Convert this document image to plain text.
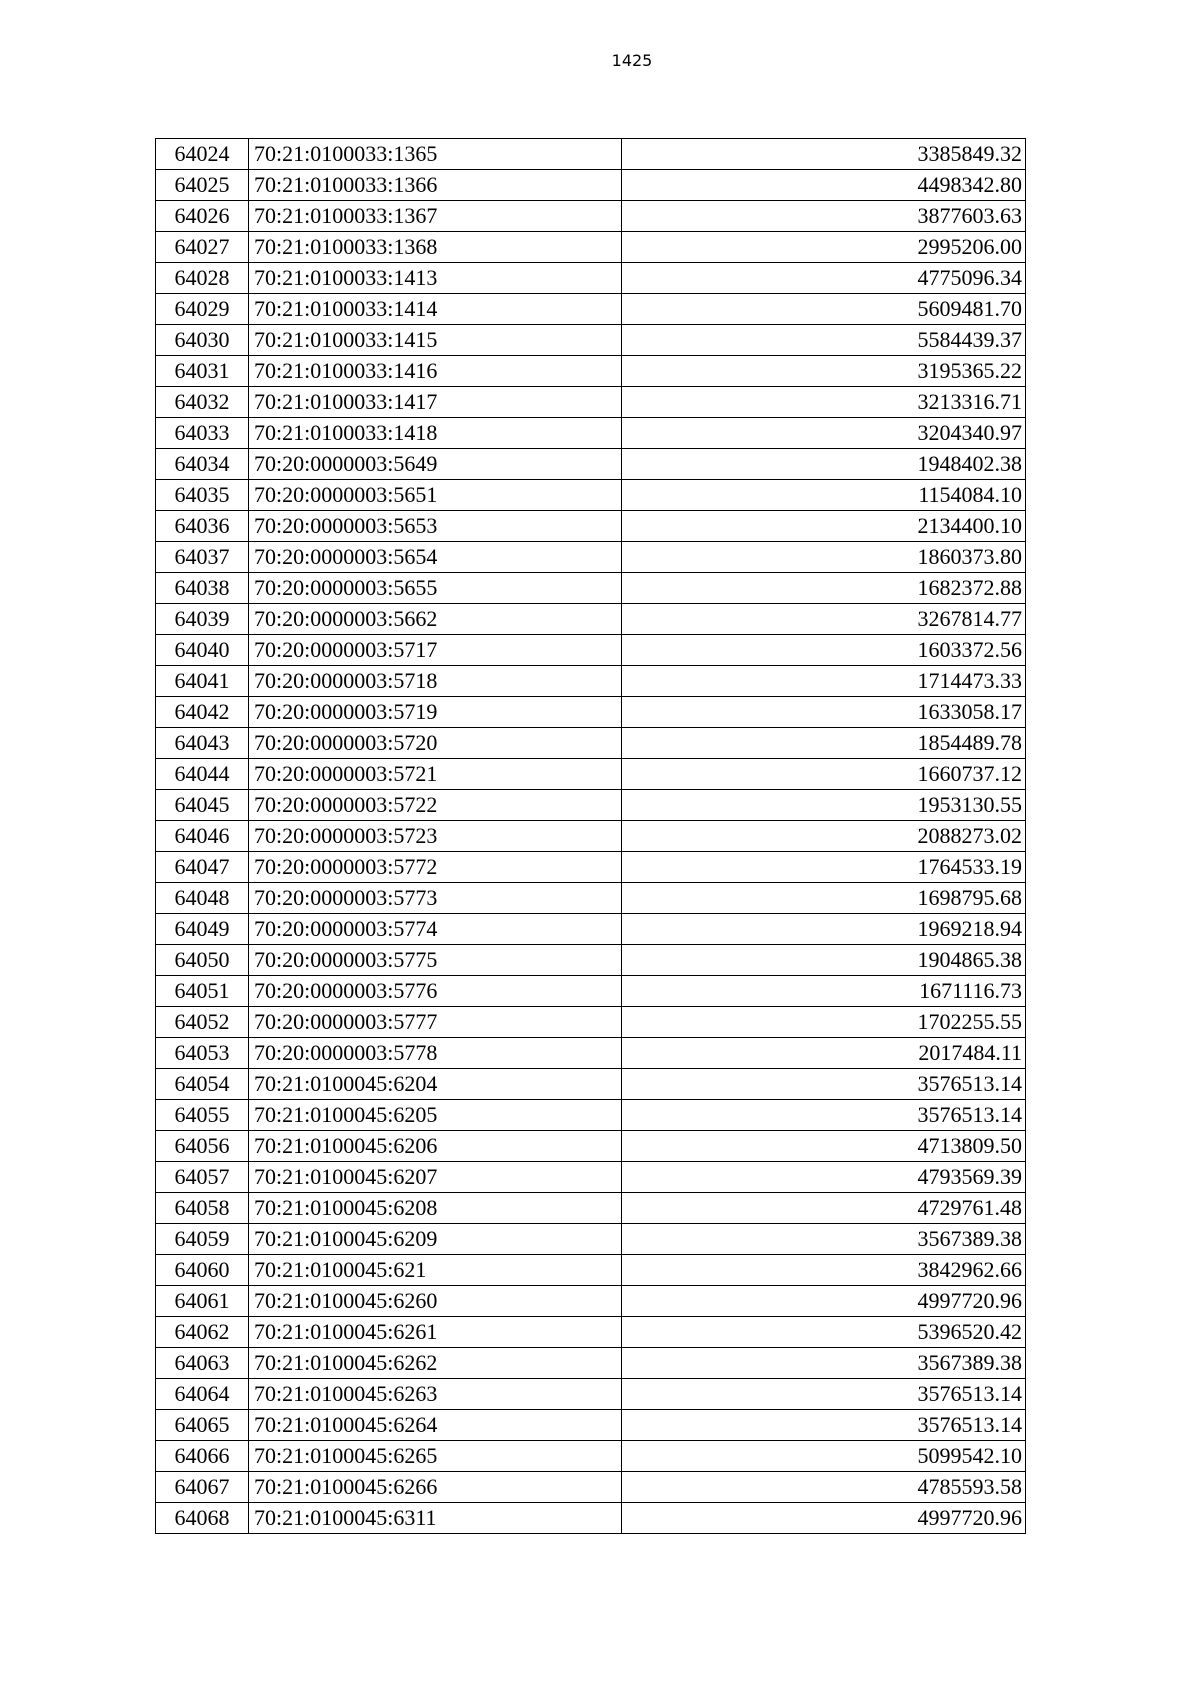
1425
64024	70:21:0100033:1365	3385849.32
64025	70:21:0100033:1366	4498342.80
64026	70:21:0100033:1367	3877603.63
64027	70:21:0100033:1368	2995206.00
64028	70:21:0100033:1413	4775096.34
64029	70:21:0100033:1414	5609481.70
64030	70:21:0100033:1415	5584439.37
64031	70:21:0100033:1416	3195365.22
64032	70:21:0100033:1417	3213316.71
64033	70:21:0100033:1418	3204340.97
64034	70:20:0000003:5649	1948402.38
64035	70:20:0000003:5651	1154084.10
64036	70:20:0000003:5653	2134400.10
64037	70:20:0000003:5654	1860373.80
64038	70:20:0000003:5655	1682372.88
64039	70:20:0000003:5662	3267814.77
64040	70:20:0000003:5717	1603372.56
64041	70:20:0000003:5718	1714473.33
64042	70:20:0000003:5719	1633058.17
64043	70:20:0000003:5720	1854489.78
64044	70:20:0000003:5721	1660737.12
64045	70:20:0000003:5722	1953130.55
64046	70:20:0000003:5723	2088273.02
64047	70:20:0000003:5772	1764533.19
64048	70:20:0000003:5773	1698795.68
64049	70:20:0000003:5774	1969218.94
64050	70:20:0000003:5775	1904865.38
64051	70:20:0000003:5776	1671116.73
64052	70:20:0000003:5777	1702255.55
64053	70:20:0000003:5778	2017484.11
64054	70:21:0100045:6204	3576513.14
64055	70:21:0100045:6205	3576513.14
64056	70:21:0100045:6206	4713809.50
64057	70:21:0100045:6207	4793569.39
64058	70:21:0100045:6208	4729761.48
64059	70:21:0100045:6209	3567389.38
64060	70:21:0100045:621	3842962.66
64061	70:21:0100045:6260	4997720.96
64062	70:21:0100045:6261	5396520.42
64063	70:21:0100045:6262	3567389.38
64064	70:21:0100045:6263	3576513.14
64065	70:21:0100045:6264	3576513.14
64066	70:21:0100045:6265	5099542.10
64067	70:21:0100045:6266	4785593.58
64068	70:21:0100045:6311	4997720.96
